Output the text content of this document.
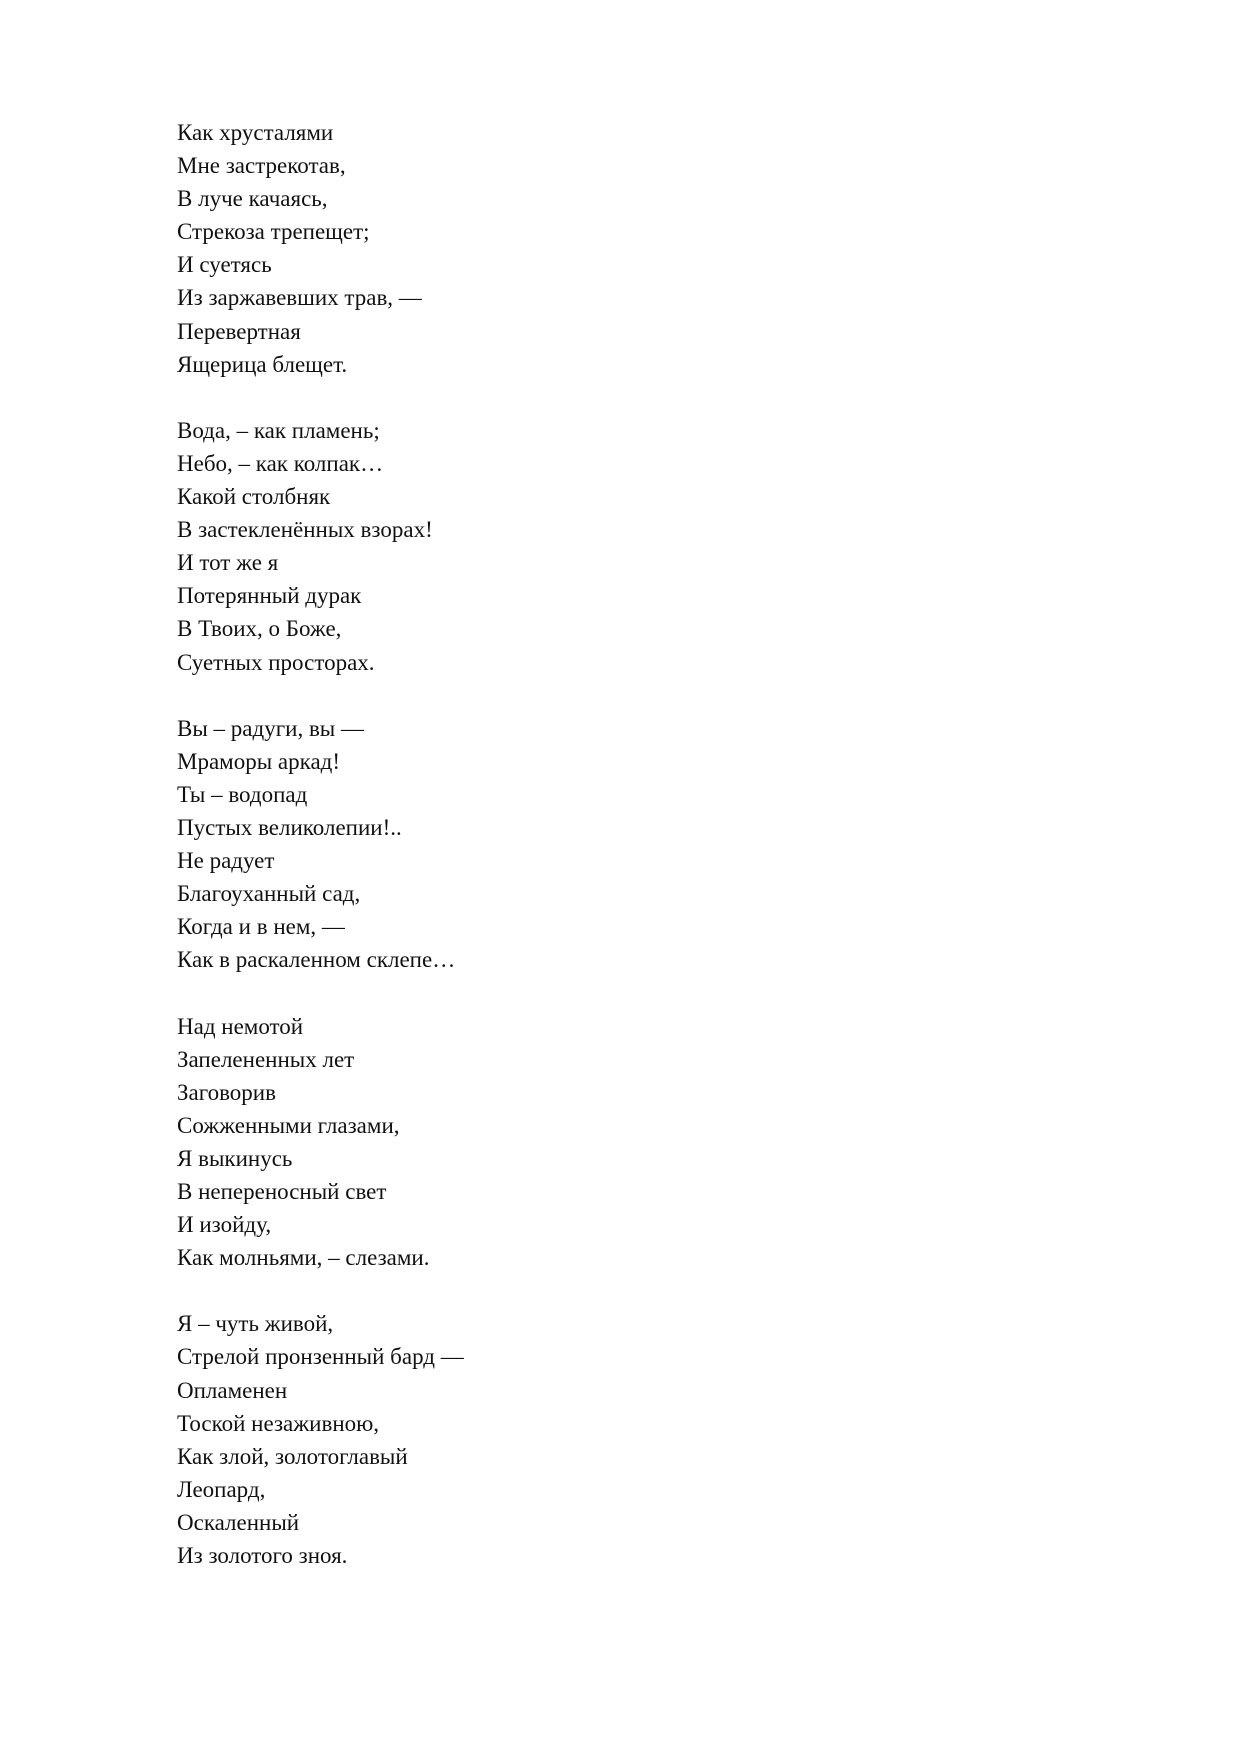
Как хрусталями
Мне застрекотав,
В луче качаясь,
Стрекоза трепещет;
И суетясь
Из заржавевших трав, —
Перевертная
Ящерица блещет.
Вода, – как пламень;
Небо, – как колпак…
Какой столбняк
В застекленённых взорах!
И тот же я
Потерянный дурак
В Твоих, о Боже,
Суетных просторах.
Вы – радуги, вы —
Мраморы аркад!
Ты – водопад
Пустых великолепии!..
Не радует
Благоуханный сад,
Когда и в нем, —
Как в раскаленном склепе…
Над немотой
Запелененных лет
Заговорив
Сожженными глазами,
Я выкинусь
В непереносный свет
И изойду,
Как молньями, – слезами.
Я – чуть живой,
Стрелой пронзенный бард —
Опламенен
Тоской незаживною,
Как злой, золотоглавый
Леопард,
Оскаленный
Из золотого зноя.
